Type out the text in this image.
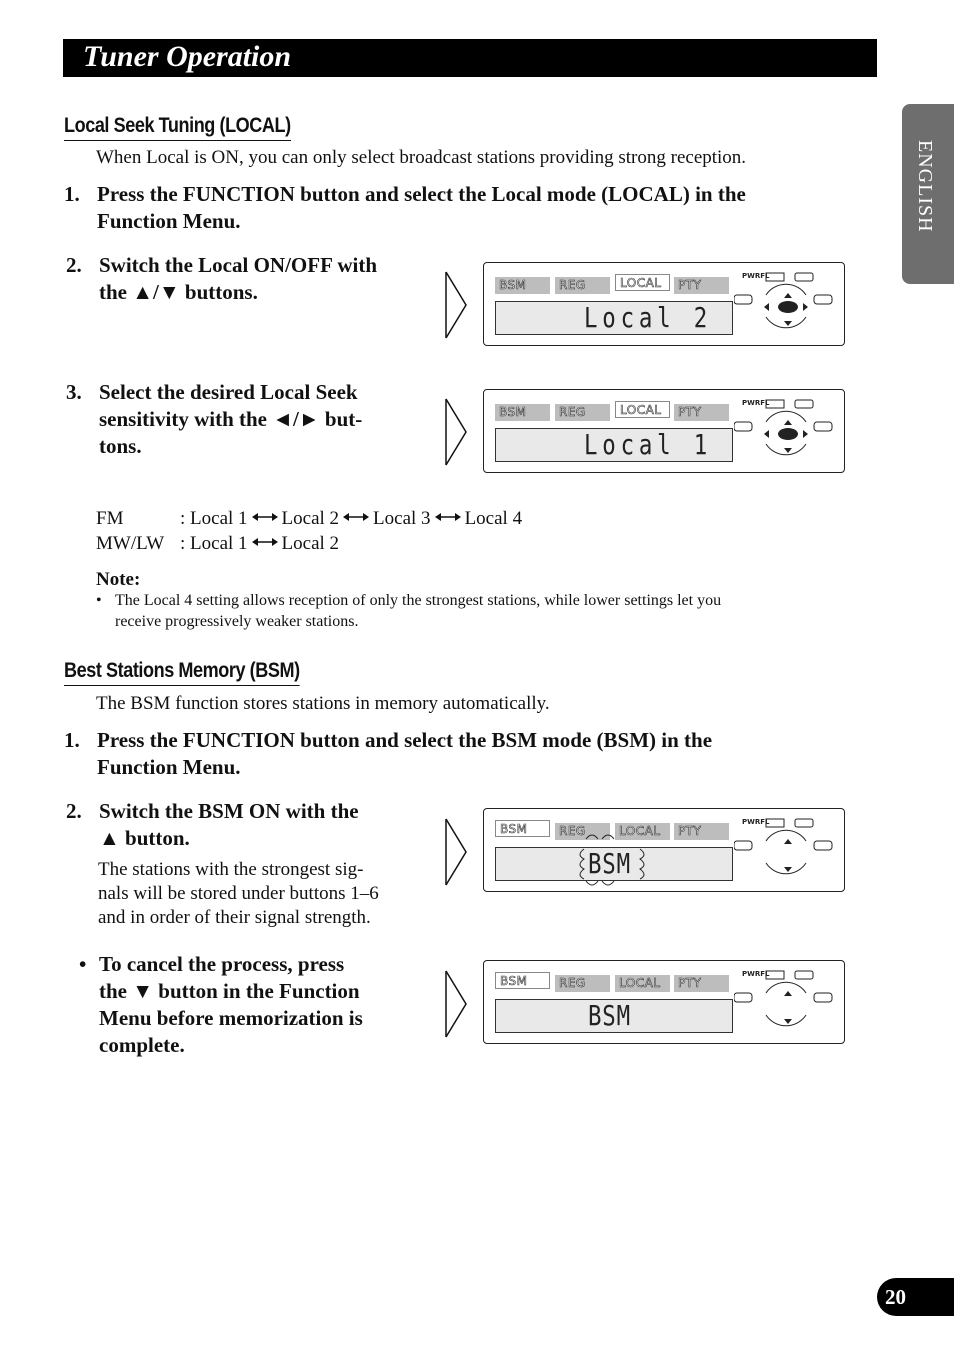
Tuner Operation
ENGLISH
Local Seek Tuning (LOCAL)
When Local is ON, you can only select broadcast stations providing strong reception.
1. Press the FUNCTION button and select the Local mode (LOCAL) in the
Function Menu.
2. Switch the Local ON/OFF with
the ▲/▼ buttons.
3. Select the desired Local Seek
sensitivity with the ◄/► but-
tons.
BSM	REG	LOCAL	PTY
Local 2
PWRFL
BSM	REG	LOCAL	PTY
Local 1
PWRFL
FM	: Local 1 Local 2 Local 3 Local 4
MW/LW : Local 1 Local 2
Note:
• The Local 4 setting allows reception of only the strongest stations, while lower settings let you
receive progressively weaker stations.
Best Stations Memory (BSM)
The BSM function stores stations in memory automatically.
1. Press the FUNCTION button and select the BSM mode (BSM) in the
Function Menu.
2. Switch the BSM ON with the
▲ button.
The stations with the strongest sig-
nals will be stored under buttons 1–6
and in order of their signal strength.
• To cancel the process, press
the ▼ button in the Function
Menu before memorization is
complete.
BSM	REG	LOCAL	PTY
BSM
PWRFL
BSM	REG	LOCAL	PTY
BSM
PWRFL
20
